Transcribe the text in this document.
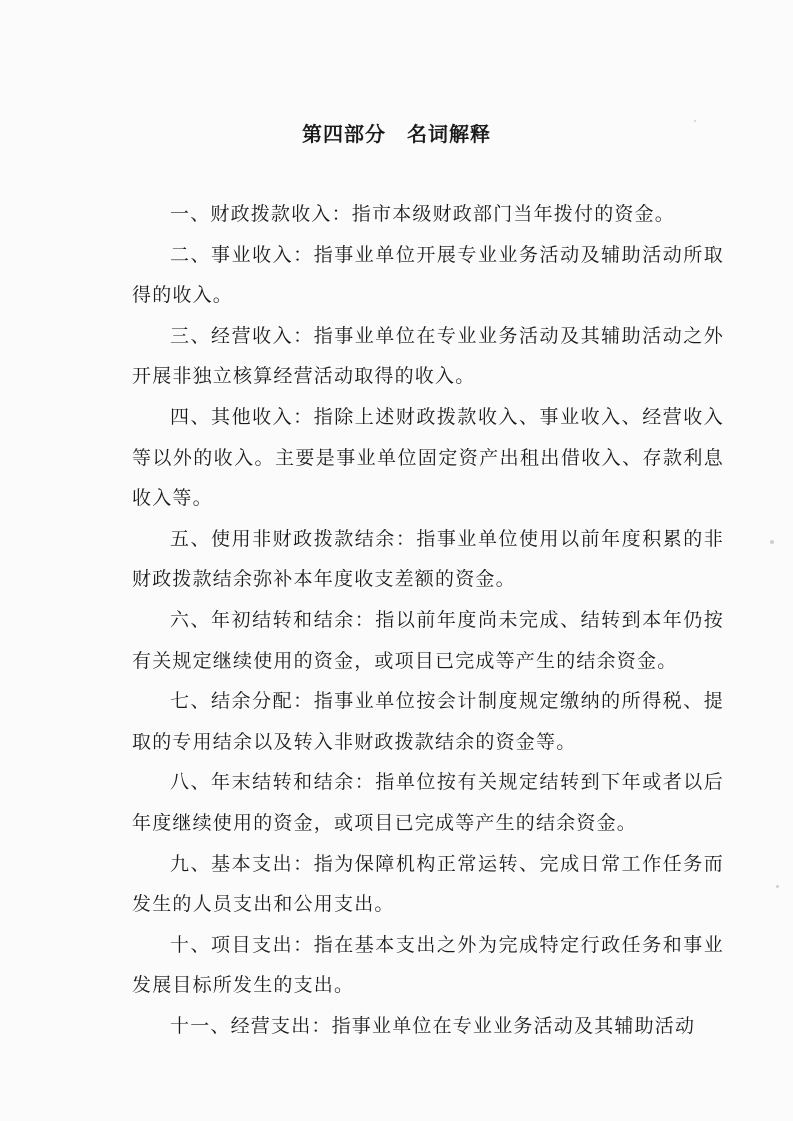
第四部分　名词解释

一、财政拨款收入：指市本级财政部门当年拨付的资金。

二、事业收入：指事业单位开展专业业务活动及辅助活动所取得的收入。

三、经营收入：指事业单位在专业业务活动及其辅助活动之外开展非独立核算经营活动取得的收入。

四、其他收入：指除上述财政拨款收入、事业收入、经营收入等以外的收入。主要是事业单位固定资产出租出借收入、存款利息收入等。

五、使用非财政拨款结余：指事业单位使用以前年度积累的非财政拨款结余弥补本年度收支差额的资金。

六、年初结转和结余：指以前年度尚未完成、结转到本年仍按有关规定继续使用的资金，或项目已完成等产生的结余资金。

七、结余分配：指事业单位按会计制度规定缴纳的所得税、提取的专用结余以及转入非财政拨款结余的资金等。

八、年末结转和结余：指单位按有关规定结转到下年或者以后年度继续使用的资金，或项目已完成等产生的结余资金。

九、基本支出：指为保障机构正常运转、完成日常工作任务而发生的人员支出和公用支出。

十、项目支出：指在基本支出之外为完成特定行政任务和事业发展目标所发生的支出。

十一、经营支出：指事业单位在专业业务活动及其辅助活动
